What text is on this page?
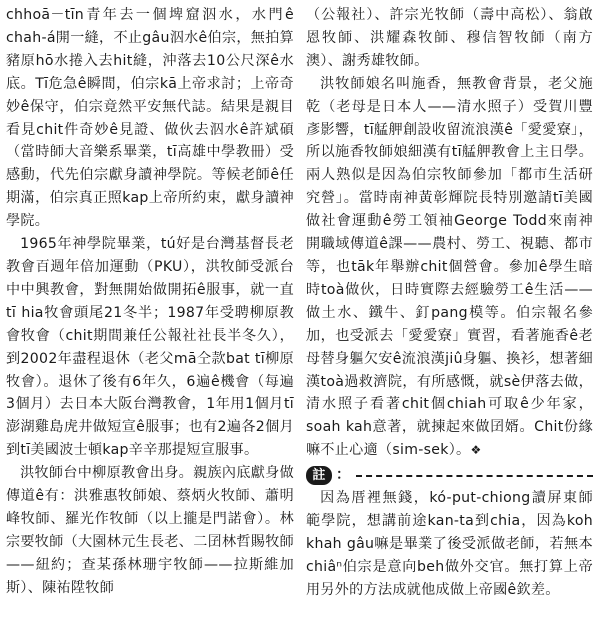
chhoā－tīn青年去一個埤窟泅水，水門ê chah-á開一縫，不止gâu泅水ê伯宗，無拍算豬原hō水捲入去hit縫，沖落去10公尺深ê水底。Tī危急ê瞬間，伯宗kā上帝求討；上帝奇妙ê保守，伯宗竟然平安無代誌。結果是親目看見chit件奇妙ê見證、做伙去泅水ê許斌碩（當時師大音樂系畢業，tī高雄中學教冊）受感動，代先伯宗獻身讀神學院。等候老師ê任期滿，伯宗真正照kap上帝所約束，獻身讀神學院。

1965年神學院畢業，tú好是台灣基督長老教會百週年倍加運動（PKU），洪牧師受派台中中興教會，對無開始做開拓ê服事，就一直tī hia牧會頭尾21冬半；1987年受聘柳原教會牧會（chit期間兼任公報社社長半冬久），到2002年盡程退休（老父mā仝款bat tī柳原牧會）。退休了後有6年久，6遍ê機會（每遍3個月）去日本大阪台灣教會，1年用1個月tī澎湖雞島虎井做短宣ê服事；也有2遍各2個月到tī美國波士頓kap辛辛那提短宣服事。

洪牧師台中柳原教會出身。親族內底獻身做傳道ê有：洪雅惠牧師娘、蔡炳火牧師、蕭明峰牧師、羅光作牧師（以上攏是門諾會）。林宗要牧師（大園林元生長老、二囝林哲賜牧師——紐約；查某孫林珊宇牧師——拉斯維加斯）、陳祐陞牧師

（公報社）、許宗光牧師（壽中高松）、翁啟恩牧師、洪耀森牧師、穆信智牧師（南方澳）、謝秀雄牧師。

洪牧師娘名叫施香，無教會背景，老父施乾（老母是日本人——清水照子）受賀川豐彥影響，tī艋舺創設收留流浪漢ê「愛愛寮」，所以施香牧師娘細漢有tī艋舺教會上主日學。兩人熟似是因為伯宗牧師參加「都市生活研究營」。當時南神黃彰輝院長特別邀請tī美國做社會運動ê勞工領袖George Todd來南神開職域傳道ê課——農村、勞工、視聽、都市等，也tāk年舉辦chit個營會。參加ê學生暗時toà做伙，日時實際去經驗勞工ê生活——做土水、鐵牛、釘pang模等。伯宗報名參加，也受派去「愛愛寮」實習，看著施香ê老母替身軀欠安ê流浪漢jiû身軀、換衫，想著細漢toà過救濟院，有所感慨，就sè伊落去做，清水照子看著chit個chiah可取ê少年家，soah kah意著，就揀起來做囝婿。Chit份緣嘛不止心適（sim-sek）。❖

註 ：

因為厝裡無錢，kó-put-chiong讀屏東師範學院，想講前途kan-ta到chia，因為koh khah gâu嘛是畢業了後受派做老師，若無本chiâⁿ伯宗是意向beh做外交官。無打算上帝用另外的方法成就他成做上帝國ê欽差。
